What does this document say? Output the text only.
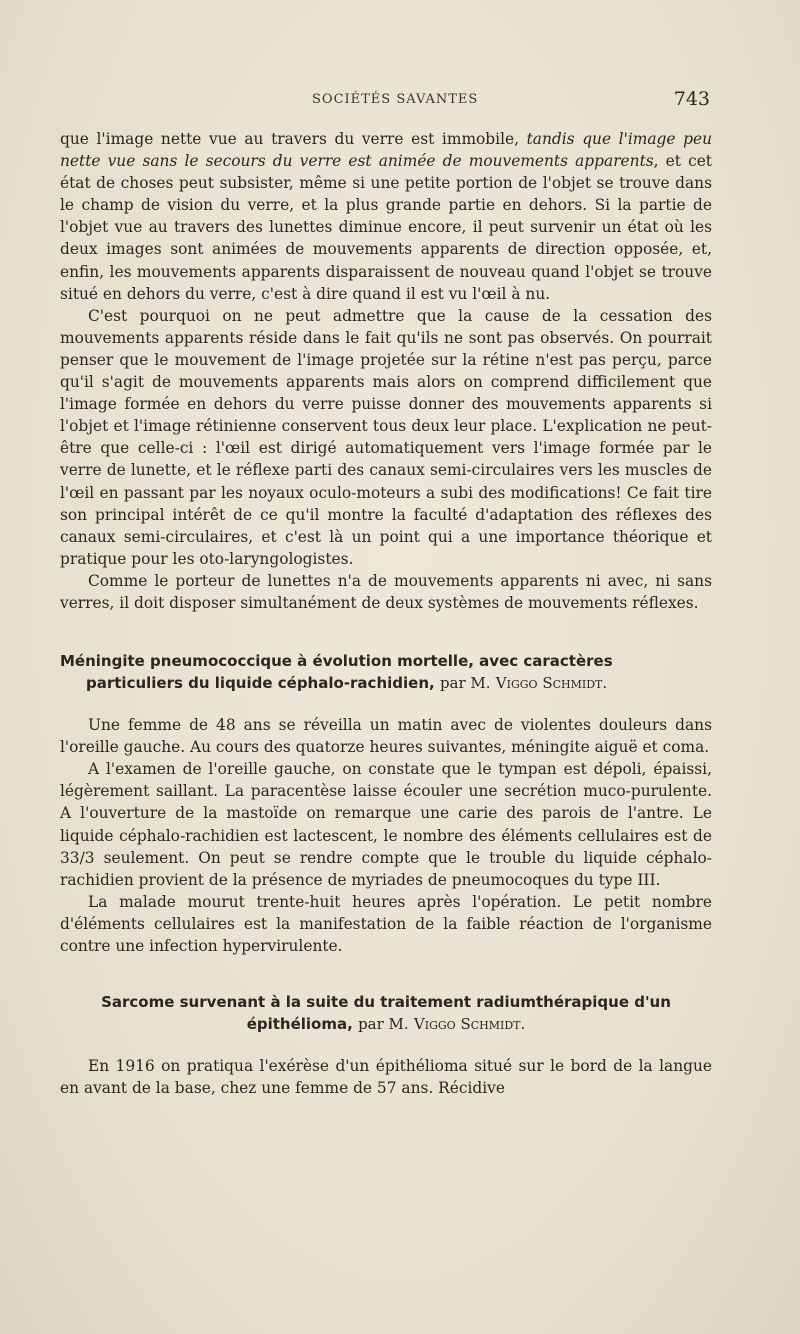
SOCIÉTÉS SAVANTES	743

que l'image nette vue au travers du verre est immobile, tandis que l'image peu nette vue sans le secours du verre est animée de mouvements apparents, et cet état de choses peut subsister, même si une petite portion de l'objet se trouve dans le champ de vision du verre, et la plus grande partie en dehors. Si la partie de l'objet vue au travers des lunettes diminue encore, il peut survenir un état où les deux images sont animées de mouvements apparents de direction opposée, et, enfin, les mouvements apparents disparaissent de nouveau quand l'objet se trouve situé en dehors du verre, c'est à dire quand il est vu l'œil à nu.

C'est pourquoi on ne peut admettre que la cause de la cessation des mouvements apparents réside dans le fait qu'ils ne sont pas observés. On pourrait penser que le mouvement de l'image projetée sur la rétine n'est pas perçu, parce qu'il s'agit de mouvements apparents mais alors on comprend difficilement que l'image formée en dehors du verre puisse donner des mouvements apparents si l'objet et l'image rétinienne conservent tous deux leur place. L'explication ne peut-être que celle-ci : l'œil est dirigé automatiquement vers l'image formée par le verre de lunette, et le réflexe parti des canaux semi-circulaires vers les muscles de l'œil en passant par les noyaux oculo-moteurs a subi des modifications! Ce fait tire son principal intérêt de ce qu'il montre la faculté d'adaptation des réflexes des canaux semi-circulaires, et c'est là un point qui a une importance théorique et pratique pour les oto-laryngologistes.

Comme le porteur de lunettes n'a de mouvements apparents ni avec, ni sans verres, il doit disposer simultanément de deux systèmes de mouvements réflexes.

Méningite pneumococcique à évolution mortelle, avec caractères particuliers du liquide céphalo-rachidien, par M. Viggo Schmidt.

Une femme de 48 ans se réveilla un matin avec de violentes douleurs dans l'oreille gauche. Au cours des quatorze heures suivantes, méningite aiguë et coma.

A l'examen de l'oreille gauche, on constate que le tympan est dépoli, épaissi, légèrement saillant. La paracentèse laisse écouler une secrétion muco-purulente. A l'ouverture de la mastoïde on remarque une carie des parois de l'antre. Le liquide céphalo-rachidien est lactescent, le nombre des éléments cellulaires est de 33/3 seulement. On peut se rendre compte que le trouble du liquide céphalo-rachidien provient de la présence de myriades de pneumocoques du type III.

La malade mourut trente-huit heures après l'opération. Le petit nombre d'éléments cellulaires est la manifestation de la faible réaction de l'organisme contre une infection hypervirulente.

Sarcome survenant à la suite du traitement radiumthérapique d'un épithélioma, par M. Viggo Schmidt.

En 1916 on pratiqua l'exérèse d'un épithélioma situé sur le bord de la langue en avant de la base, chez une femme de 57 ans. Récidive
